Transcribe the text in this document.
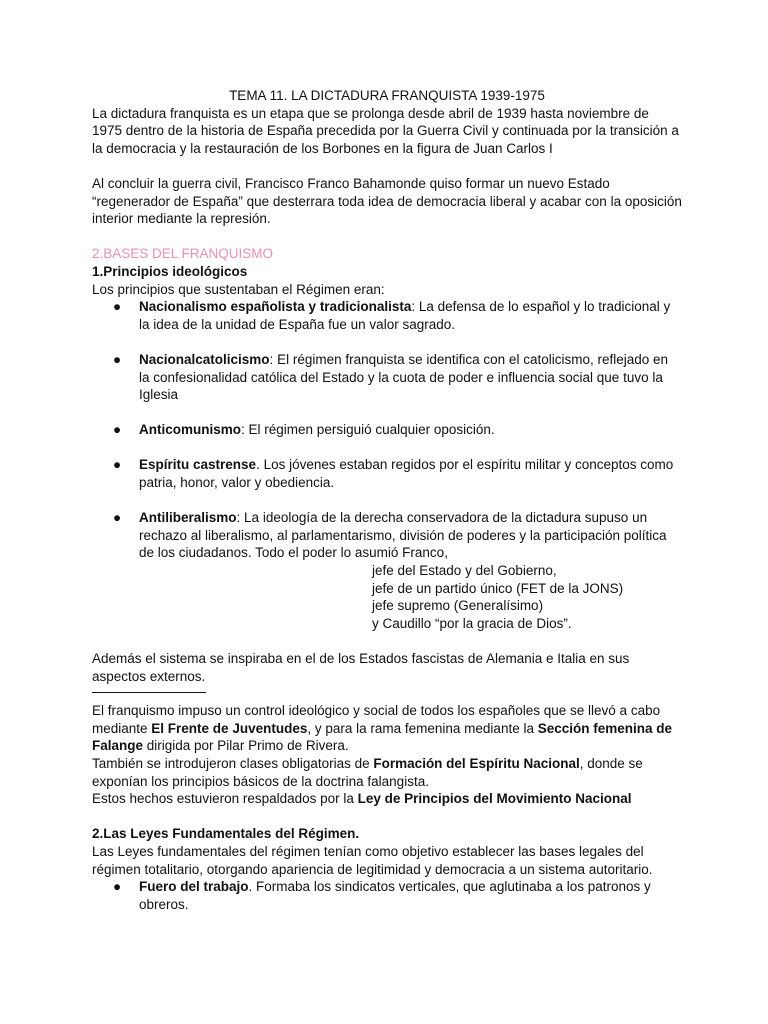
TEMA 11. LA DICTADURA FRANQUISTA 1939-1975

La dictadura franquista es un etapa que se prolonga desde abril de 1939 hasta noviembre de 1975 dentro de la historia de España precedida por la Guerra Civil y continuada por la transición a la democracia y la restauración de los Borbones en la figura de Juan Carlos I

Al concluir la guerra civil, Francisco Franco Bahamonde quiso formar un nuevo Estado “regenerador de España” que desterrara toda idea de democracia liberal y acabar con la oposición interior mediante la represión.

2.BASES DEL FRANQUISMO

1.Principios ideológicos

Los principios que sustentaban el Régimen eran:

● Nacionalismo españolista y tradicionalista: La defensa de lo español y lo tradicional y la idea de la unidad de España fue un valor sagrado.
● Nacionalcatolicismo: El régimen franquista se identifica con el catolicismo, reflejado en la confesionalidad católica del Estado y la cuota de poder e influencia social que tuvo la Iglesia
● Anticomunismo: El régimen persiguió cualquier oposición.
● Espíritu castrense. Los jóvenes estaban regidos por el espíritu militar y conceptos como patria, honor, valor y obediencia.
● Antiliberalismo: La ideología de la derecha conservadora de la dictadura supuso un rechazo al liberalismo, al parlamentarismo, división de poderes y la participación política de los ciudadanos. Todo el poder lo asumió Franco,
jefe del Estado y del Gobierno,
jefe de un partido único (FET de la JONS)
jefe supremo (Generalísimo)
y Caudillo “por la gracia de Dios”.

Además el sistema se inspiraba en el de los Estados fascistas de Alemania e Italia en sus aspectos externos.

El franquismo impuso un control ideológico y social de todos los españoles que se llevó a cabo mediante El Frente de Juventudes, y para la rama femenina mediante la Sección femenina de Falange dirigida por Pilar Primo de Rivera.

También se introdujeron clases obligatorias de Formación del Espíritu Nacional, donde se exponían los principios básicos de la doctrina falangista.

Estos hechos estuvieron respaldados por la Ley de Principios del Movimiento Nacional

2.Las Leyes Fundamentales del Régimen.

Las Leyes fundamentales del régimen tenían como objetivo establecer las bases legales del régimen totalitario, otorgando apariencia de legitimidad y democracia a un sistema autoritario.

● Fuero del trabajo. Formaba los sindicatos verticales, que aglutinaba a los patronos y obreros.
